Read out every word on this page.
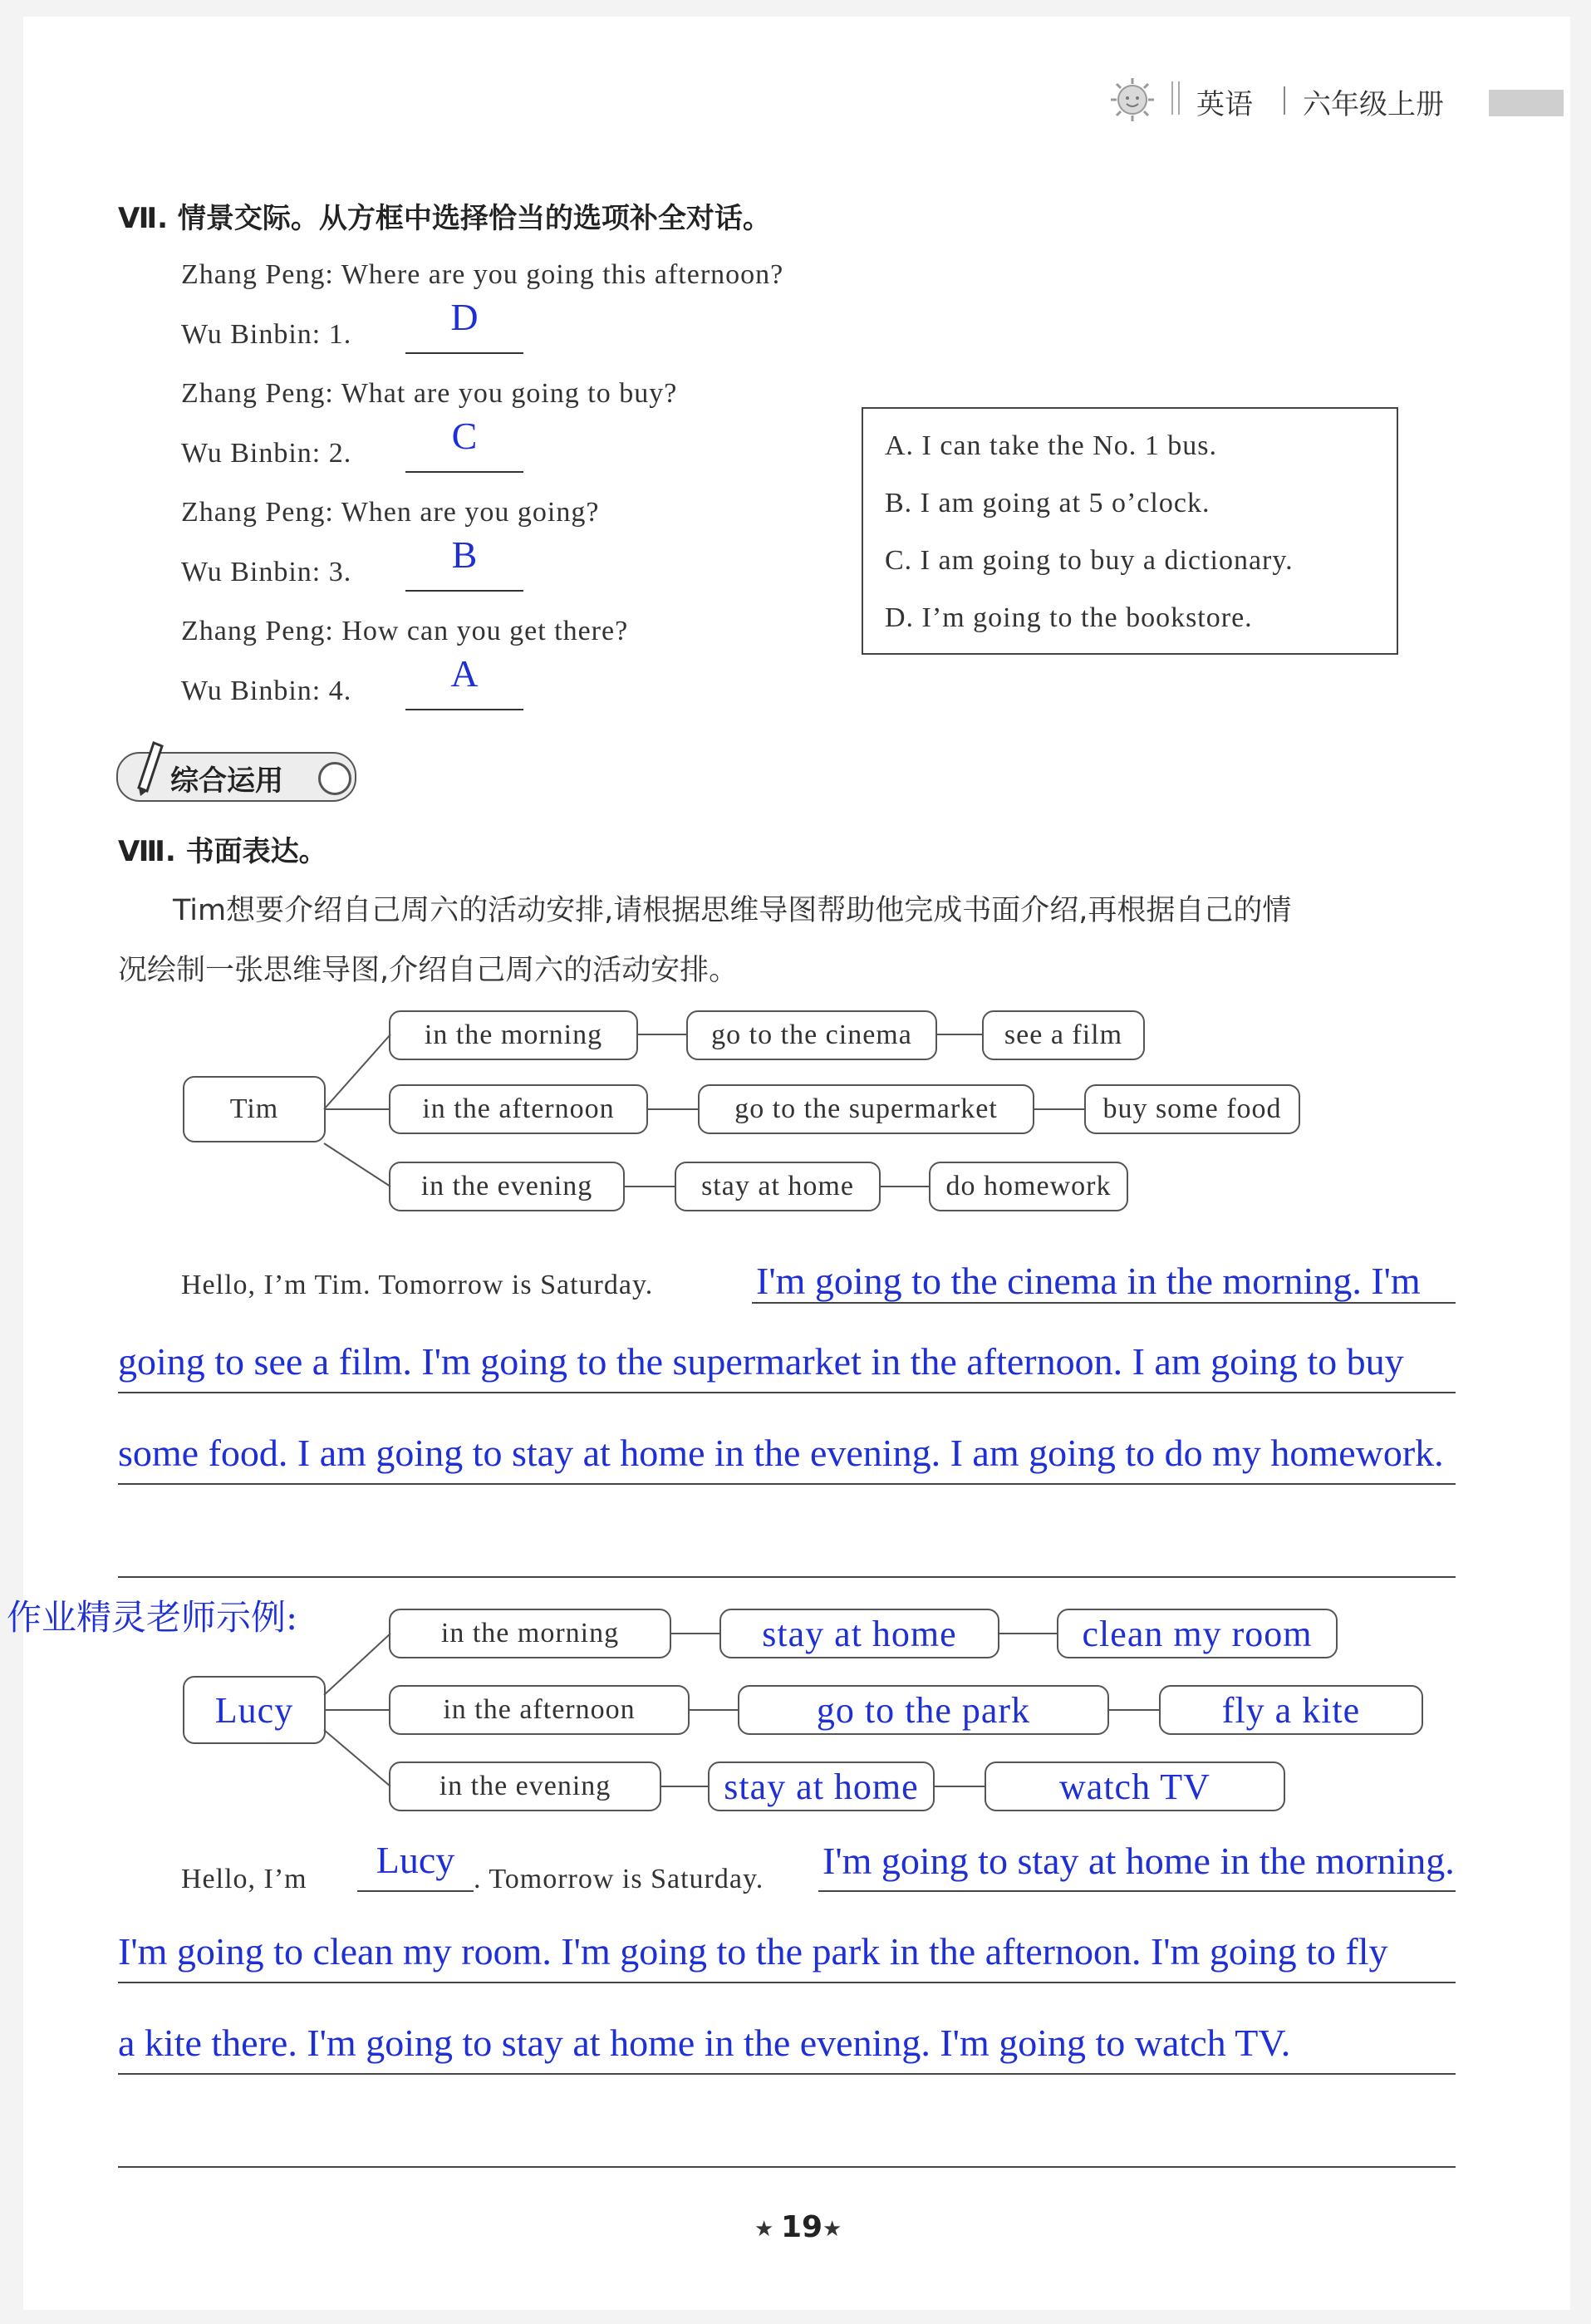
英语 六年级上册
Ⅶ. 情景交际。从方框中选择恰当的选项补全对话。
Zhang Peng: Where are you going this afternoon?
Wu Binbin: 1.	D
Zhang Peng: What are you going to buy?
Wu Binbin: 2.	C
Zhang Peng: When are you going?
Wu Binbin: 3.	B
Zhang Peng: How can you get there?
Wu Binbin: 4.	A
A. I can take the No. 1 bus.
B. I am going at 5 o’clock.
C. I am going to buy a dictionary.
D. I’m going to the bookstore.
综合运用
Ⅷ. 书面表达。
Tim想要介绍自己周六的活动安排,请根据思维导图帮助他完成书面介绍,再根据自己的情
况绘制一张思维导图,介绍自己周六的活动安排。
Tim
in the morning	go to the cinema	see a film
in the afternoon	go to the supermarket	buy some food
in the evening	stay at home	do homework
Hello, I’m Tim. Tomorrow is Saturday.	I'm going to the cinema in the morning. I'm
going to see a film. I'm going to the supermarket in the afternoon. I am going to buy
some food. I am going to stay at home in the evening. I am going to do my homework.
作业精灵老师示例:
Lucy
in the morning	stay at home	clean my room
in the afternoon	go to the park	fly a kite
in the evening	stay at home	watch TV
Hello, I’m	Lucy . Tomorrow is Saturday. I'm going to stay at home in the morning.
I'm going to clean my room. I'm going to the park in the afternoon. I'm going to fly
a kite there. I'm going to stay at home in the evening. I'm going to watch TV.
★ 19 ★
